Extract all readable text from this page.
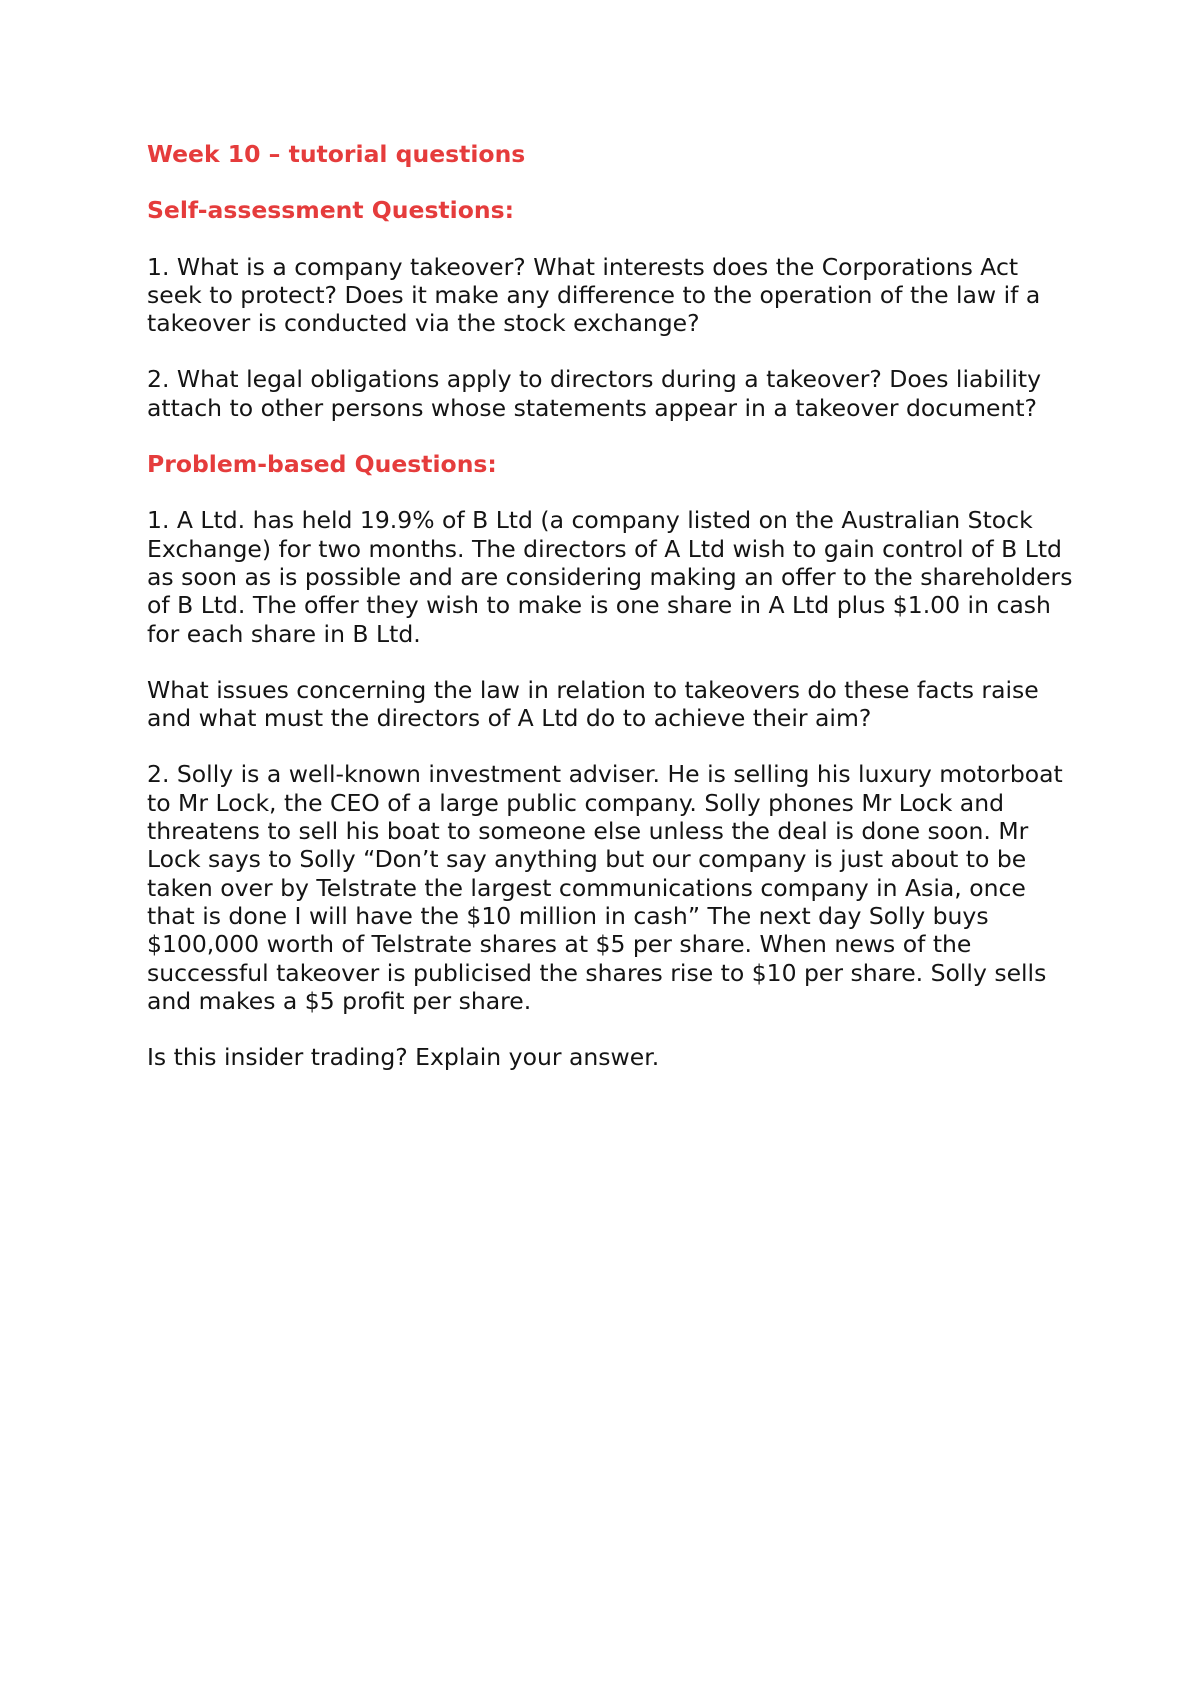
Week 10 – tutorial questions

Self-assessment Questions:

1. What is a company takeover? What interests does the Corporations Act seek to protect? Does it make any difference to the operation of the law if a takeover is conducted via the stock exchange?

2. What legal obligations apply to directors during a takeover? Does liability attach to other persons whose statements appear in a takeover document?

Problem-based Questions:

1. A Ltd. has held 19.9% of B Ltd (a company listed on the Australian Stock Exchange) for two months. The directors of A Ltd wish to gain control of B Ltd as soon as is possible and are considering making an offer to the shareholders of B Ltd. The offer they wish to make is one share in A Ltd plus $1.00 in cash for each share in B Ltd.

What issues concerning the law in relation to takeovers do these facts raise and what must the directors of A Ltd do to achieve their aim?

2. Solly is a well-known investment adviser. He is selling his luxury motorboat to Mr Lock, the CEO of a large public company. Solly phones Mr Lock and threatens to sell his boat to someone else unless the deal is done soon. Mr Lock says to Solly “Don’t say anything but our company is just about to be taken over by Telstrate the largest communications company in Asia, once that is done I will have the $10 million in cash” The next day Solly buys $100,000 worth of Telstrate shares at $5 per share. When news of the successful takeover is publicised the shares rise to $10 per share. Solly sells and makes a $5 profit per share.

Is this insider trading? Explain your answer.
